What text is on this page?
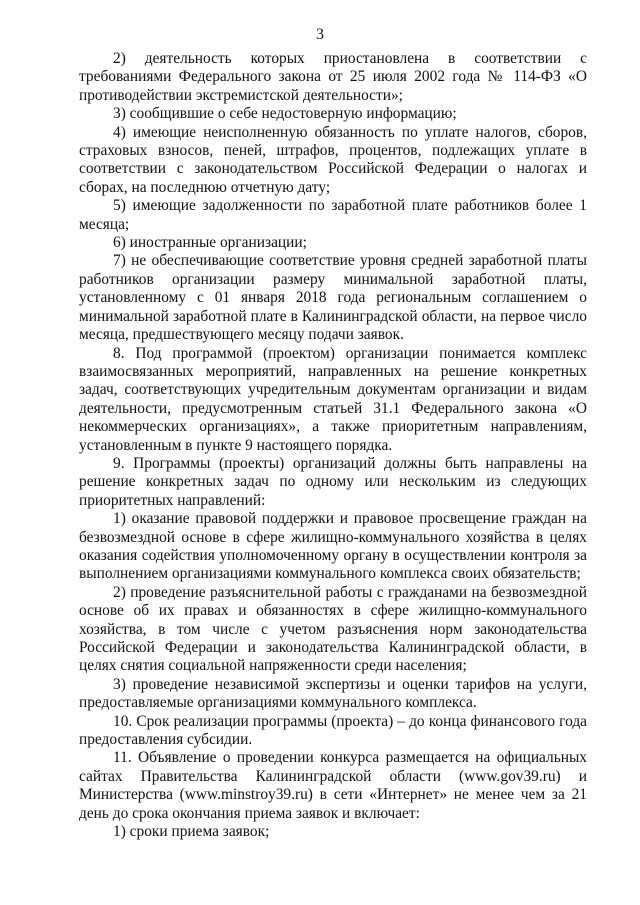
3

2) деятельность которых приостановлена в соответствии с требованиями Федерального закона от 25 июля 2002 года № 114-ФЗ «О противодействии экстремистской деятельности»;

3) сообщившие о себе недостоверную информацию;

4) имеющие неисполненную обязанность по уплате налогов, сборов, страховых взносов, пеней, штрафов, процентов, подлежащих уплате в соответствии с законодательством Российской Федерации о налогах и сборах, на последнюю отчетную дату;

5) имеющие задолженности по заработной плате работников более 1 месяца;

6) иностранные организации;

7) не обеспечивающие соответствие уровня средней заработной платы работников организации размеру минимальной заработной платы, установленному с 01 января 2018 года региональным соглашением о минимальной заработной плате в Калининградской области, на первое число месяца, предшествующего месяцу подачи заявок.

8. Под программой (проектом) организации понимается комплекс взаимосвязанных мероприятий, направленных на решение конкретных задач, соответствующих учредительным документам организации и видам деятельности, предусмотренным статьей 31.1 Федерального закона «О некоммерческих организациях», а также приоритетным направлениям, установленным в пункте 9 настоящего порядка.

9. Программы (проекты) организаций должны быть направлены на решение конкретных задач по одному или нескольким из следующих приоритетных направлений:

1) оказание правовой поддержки и правовое просвещение граждан на безвозмездной основе в сфере жилищно-коммунального хозяйства в целях оказания содействия уполномоченному органу в осуществлении контроля за выполнением организациями коммунального комплекса своих обязательств;

2) проведение разъяснительной работы с гражданами на безвозмездной основе об их правах и обязанностях в сфере жилищно-коммунального хозяйства, в том числе с учетом разъяснения норм законодательства Российской Федерации и законодательства Калининградской области, в целях снятия социальной напряженности среди населения;

3) проведение независимой экспертизы и оценки тарифов на услуги, предоставляемые организациями коммунального комплекса.

10. Срок реализации программы (проекта) – до конца финансового года предоставления субсидии.

11. Объявление о проведении конкурса размещается на официальных сайтах Правительства Калининградской области (www.gov39.ru) и Министерства (www.minstroy39.ru) в сети «Интернет» не менее чем за 21 день до срока окончания приема заявок и включает:

1) сроки приема заявок;
